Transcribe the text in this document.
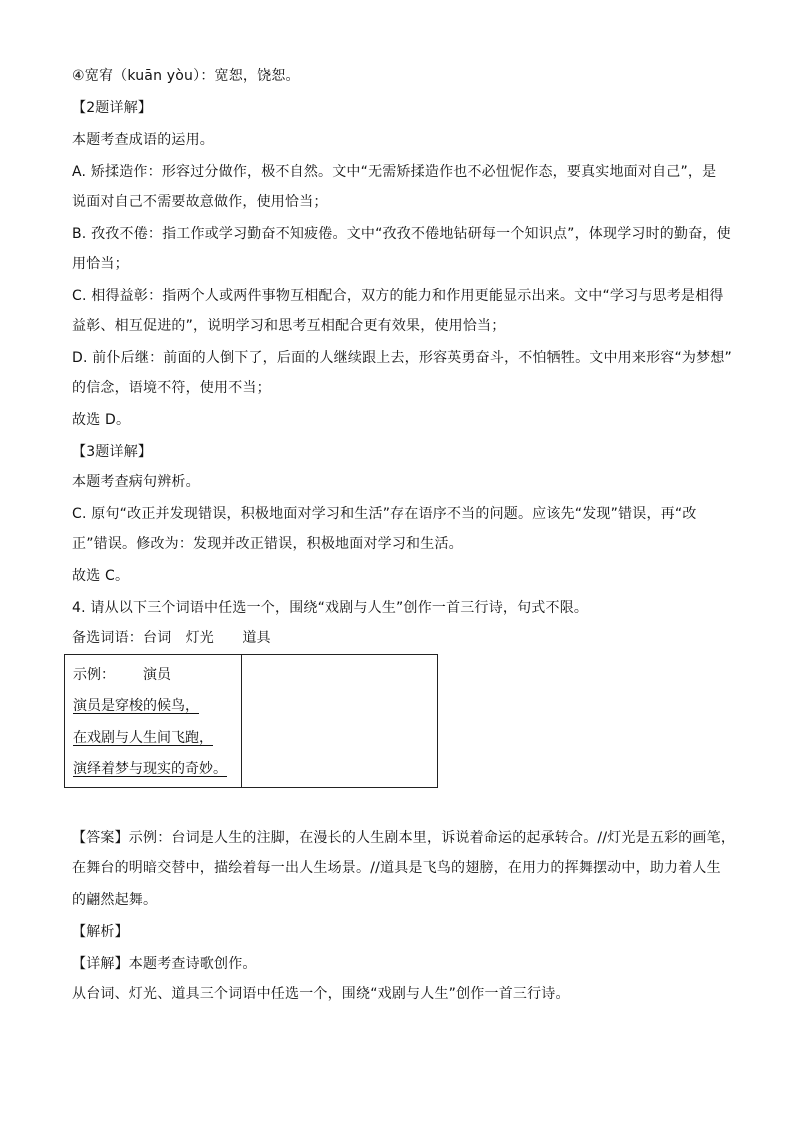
④宽宥（kuān yòu）：宽恕，饶恕。
【2题详解】
本题考查成语的运用。
A. 矫揉造作：形容过分做作，极不自然。文中“无需矫揉造作也不必忸怩作态，要真实地面对自己”，是
说面对自己不需要故意做作，使用恰当；
B. 孜孜不倦：指工作或学习勤奋不知疲倦。文中“孜孜不倦地钻研每一个知识点”，体现学习时的勤奋，使
用恰当；
C. 相得益彰：指两个人或两件事物互相配合，双方的能力和作用更能显示出来。文中“学习与思考是相得
益彰、相互促进的”，说明学习和思考互相配合更有效果，使用恰当；
D. 前仆后继：前面的人倒下了，后面的人继续跟上去，形容英勇奋斗，不怕牺牲。文中用来形容“为梦想”
的信念，语境不符，使用不当；
故选 D。
【3题详解】
本题考查病句辨析。
C. 原句“改正并发现错误，积极地面对学习和生活”存在语序不当的问题。应该先“发现”错误，再“改
正”错误。修改为：发现并改正错误，积极地面对学习和生活。
故选 C。
4. 请从以下三个词语中任选一个，围绕“戏剧与人生”创作一首三行诗，句式不限。
备选词语：台词　灯光　　道具
示例： 演员
演员是穿梭的候鸟，
在戏剧与人生间飞跑，
演绎着梦与现实的奇妙。
【答案】示例：台词是人生的注脚，在漫长的人生剧本里，诉说着命运的起承转合。//灯光是五彩的画笔，
在舞台的明暗交替中，描绘着每一出人生场景。//道具是飞鸟的翅膀，在用力的挥舞摆动中，助力着人生
的翩然起舞。
【解析】
【详解】本题考查诗歌创作。
从台词、灯光、道具三个词语中任选一个，围绕“戏剧与人生”创作一首三行诗。
